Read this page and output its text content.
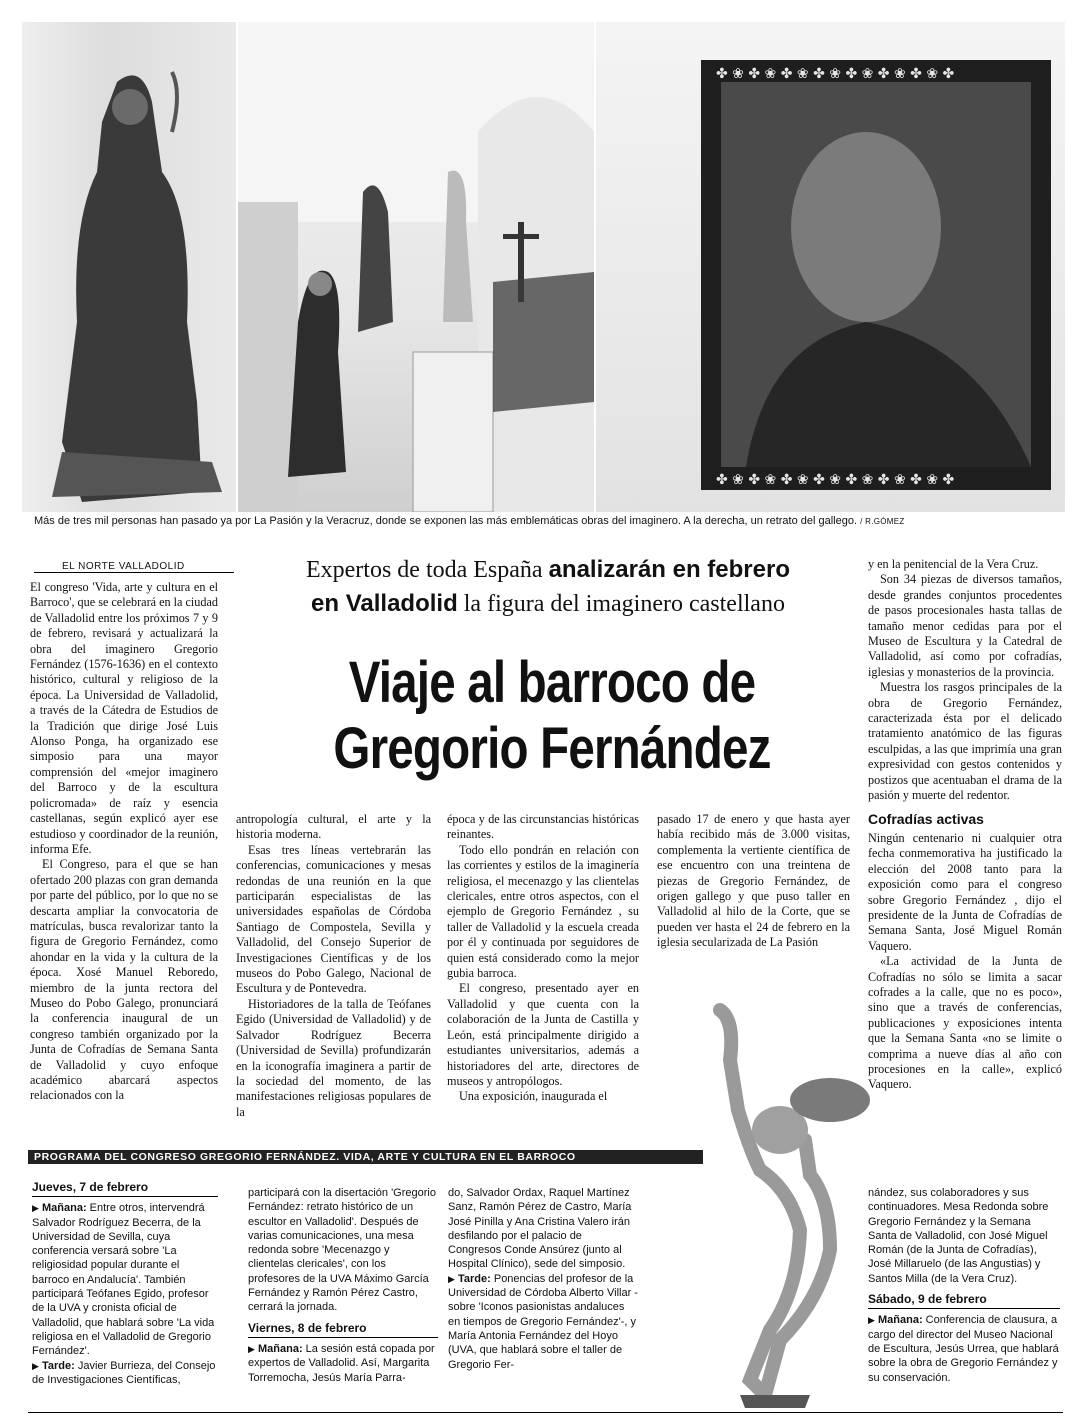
✤ ❀ ✤ ❀ ✤ ❀ ✤ ❀ ✤ ❀ ✤ ❀ ✤ ❀ ✤
✤ ❀ ✤ ❀ ✤ ❀ ✤ ❀ ✤ ❀ ✤ ❀ ✤ ❀ ✤
Más de tres mil personas han pasado ya por La Pasión y la Veracruz, donde se exponen las más emblemáticas obras del imaginero. A la derecha, un retrato del gallego. / R.GÓMEZ
EL NORTE VALLADOLID	Expertos de toda España analizarán en febrero
en Valladolid la figura del imaginero castellano
Viaje al barroco de
Gregorio Fernández

El congreso 'Vida, arte y cultura en el Barroco', que se celebrará en la ciudad de Valladolid entre los próximos 7 y 9 de febrero, revisará y actualizará la obra del imaginero Gregorio Fernández (1576-1636) en el contexto histórico, cultural y religioso de la época. La Universidad de Valladolid, a través de la Cátedra de Estudios de la Tradición que dirige José Luis Alonso Ponga, ha organizado ese simposio para una mayor comprensión del «mejor imaginero del Barroco y de la escultura policromada» de raíz y esencia castellanas, según explicó ayer ese estudioso y coordinador de la reunión, informa Efe.

El Congreso, para el que se han ofertado 200 plazas con gran demanda por parte del público, por lo que no se descarta ampliar la convocatoria de matrículas, busca revalorizar tanto la figura de Gregorio Fernández, como ahondar en la vida y la cultura de la época. Xosé Manuel Reboredo, miembro de la junta rectora del Museo do Pobo Galego, pronunciará la conferencia inaugural de un congreso también organizado por la Junta de Cofradías de Semana Santa de Valladolid y cuyo enfoque académico abarcará aspectos relacionados con la

antropología cultural, el arte y la historia moderna.

Esas tres líneas vertebrarán las conferencias, comunicaciones y mesas redondas de una reunión en la que participarán especialistas de las universidades españolas de Córdoba Santiago de Compostela, Sevilla y Valladolid, del Consejo Superior de Investigaciones Científicas y de los museos do Pobo Galego, Nacional de Escultura y de Pontevedra.

Historiadores de la talla de Teófanes Egido (Universidad de Valladolid) y de Salvador Rodríguez Becerra (Universidad de Sevilla) profundizarán en la iconografía imaginera a partir de la sociedad del momento, de las manifestaciones religiosas populares de la

época y de las circunstancias históricas reinantes.

Todo ello pondrán en relación con las corrientes y estilos de la imaginería religiosa, el mecenazgo y las clientelas clericales, entre otros aspectos, con el ejemplo de Gregorio Fernández , su taller de Valladolid y la escuela creada por él y continuada por seguidores de quien está considerado como la mejor gubia barroca.

El congreso, presentado ayer en Valladolid y que cuenta con la colaboración de la Junta de Castilla y León, está principalmente dirigido a estudiantes universitarios, además a historiadores del arte, directores de museos y antropólogos.

Una exposición, inaugurada el

pasado 17 de enero y que hasta ayer había recibido más de 3.000 visitas, complementa la vertiente científica de ese encuentro con una treintena de piezas de Gregorio Fernández, de origen gallego y que puso taller en Valladolid al hilo de la Corte, que se pueden ver hasta el 24 de febrero en la iglesia secularizada de La Pasión

y en la penitencial de la Vera Cruz.

Son 34 piezas de diversos tamaños, desde grandes conjuntos procedentes de pasos procesionales hasta tallas de tamaño menor cedidas para por el Museo de Escultura y la Catedral de Valladolid, así como por cofradías, iglesias y monasterios de la provincia.

Muestra los rasgos principales de la obra de Gregorio Fernández, caracterizada ésta por el delicado tratamiento anatómico de las figuras esculpidas, a las que imprimía una gran expresividad con gestos contenidos y postizos que acentuaban el drama de la pasión y muerte del redentor.

Cofradías activas

Ningún centenario ni cualquier otra fecha conmemorativa ha justificado la elección del 2008 tanto para la exposición como para el congreso sobre Gregorio Fernández , dijo el presidente de la Junta de Cofradías de Semana Santa, José Miguel Román Vaquero.

«La actividad de la Junta de Cofradías no sólo se limita a sacar cofrades a la calle, que no es poco», sino que a través de conferencias, publicaciones y exposiciones intenta que la Semana Santa «no se limite o comprima a nueve días al año con procesiones en la calle», explicó Vaquero.

PROGRAMA DEL CONGRESO GREGORIO FERNÁNDEZ. VIDA, ARTE Y CULTURA EN EL BARROCO
Jueves, 7 de febrero

▶ Mañana: Entre otros, intervendrá Salvador Rodríguez Becerra, de la Universidad de Sevilla, cuya conferencia versará sobre 'La religiosidad popular durante el barroco en Andalucía'. También participará Teófanes Egido, profesor de la UVA y cronista oficial de Valladolid, que hablará sobre 'La vida religiosa en el Valladolid de Gregorio Fernández'.

▶ Tarde: Javier Burrieza, del Consejo de Investigaciones Científicas,

participará con la disertación 'Gregorio Fernández: retrato histórico de un escultor en Valladolid'. Después de varias comunicaciones, una mesa redonda sobre 'Mecenazgo y clientelas clericales', con los profesores de la UVA Máximo García Fernández y Ramón Pérez Castro, cerrará la jornada.

Viernes, 8 de febrero

▶ Mañana: La sesión está copada por expertos de Valladolid. Así, Margarita Torremocha, Jesús María Parra-

do, Salvador Ordax, Raquel Martínez Sanz, Ramón Pérez de Castro, María José Pinilla y Ana Cristina Valero irán desfilando por el palacio de Congresos Conde Ansúrez (junto al Hospital Clínico), sede del simposio.

▶ Tarde: Ponencias del profesor de la Universidad de Córdoba Alberto Villar -sobre 'Iconos pasionistas andaluces en tiempos de Gregorio Fernández'-, y María Antonia Fernández del Hoyo (UVA, que hablará sobre el taller de Gregorio Fer-

nández, sus colaboradores y sus continuadores. Mesa Redonda sobre Gregorio Fernández y la Semana Santa de Valladolid, con José Miguel Román (de la Junta de Cofradías), José Millaruelo (de las Angustias) y Santos Milla (de la Vera Cruz).

Sábado, 9 de febrero

▶ Mañana: Conferencia de clausura, a cargo del director del Museo Nacional de Escultura, Jesús Urrea, que hablará sobre la obra de Gregorio Fernández y su conservación.
